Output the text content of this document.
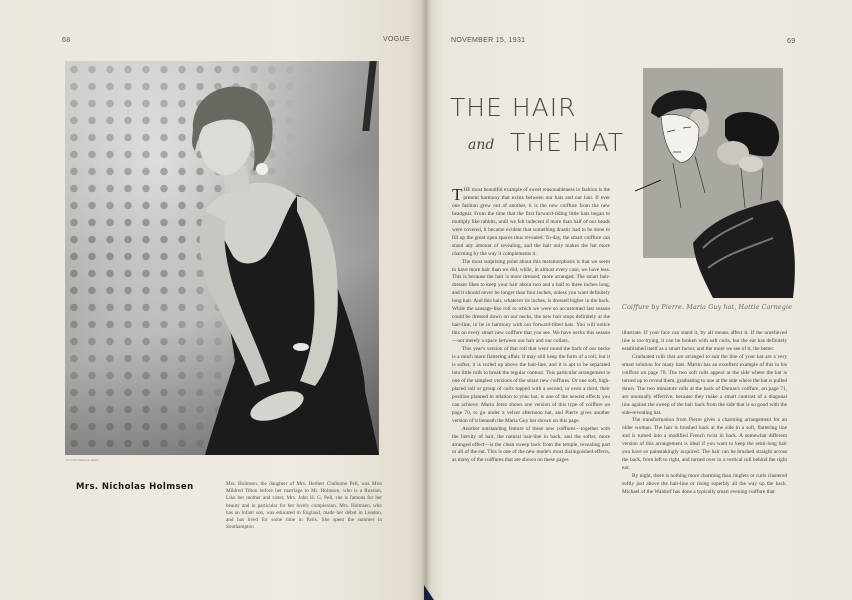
68	VOGUE
HOYNINGEN-HUENE
Mrs. Nicholas Holmsen	Mrs. Holmsen, the daughter of Mrs. Herbert Claiborne Pell, was Miss Mildred Tilton before her marriage to Mr. Holmsen, who is a Russian. Like her mother and sister, Mrs. John H. G. Pell, she is famous for her beauty and in particular for her lovely complexion. Mrs. Holmsen, who has an infant son, was educated in England, made her début in London, and has lived for some time in Paris. She spent the summer in Southampton
NOVEMBER 15, 1931	69
THE HAIR
and THE HAT
Coiffure by Pierre. Maria Guy hat, Hattie Carnegie

THE most beautiful example of sweet reasonableness in fashion is the present harmony that exists between our hats and our hair. If ever one fashion grew out of another, it is the new coiffure from the new headgear. From the time that the first forward-riding little hats began to multiply like rabbits, until we felt indecent if more than half of our heads were covered, it became evident that something drastic had to be done to fill up the great open spaces thus revealed. To-day, the smart coiffure can stand any amount of revealing, and the hair only makes the hat more charming by the way it complements it.

The most surprising point about this metamorphosis is that we seem to have more hair than we did, while, in almost every case, we have less. This is because the hair is more dressed, more arranged. The smart hair-dresser likes to keep your hair about two and a half to three inches long, and it should never be longer than four inches, unless you want definitely long hair. And this hair, whatever its inches, is dressed higher in the back. While the sausage-like roll to which we were so accustomed last season could be dressed down on our necks, the new hair stops definitely at the hair-line, to be in harmony with our forward-tilted hats. You will notice this on every smart new coiffure that you see. We have necks this season—not merely a space between our hair and our collars.

This year's version of that roll that went round the back of our necks is a much more flattering affair. It may still keep the form of a roll, but it is softer, it is curled up above the hair-line, and it is apt to be separated into little rolls to break the regular contour. This particular arrangement is one of the simplest versions of the smart new coiffures. Or one soft, high-placed roll or group of curls topped with a second, or even a third, their position planned in relation to your hat, is one of the newest effects you can achieve. Mario Jerez shows one version of this type of coiffure on page 70, to go under a velvet afternoon hat, and Pierre gives another version of it beneath the Maria Guy hat shown on this page.

Another outstanding feature of these new coiffures—together with the brevity of hair, the natural hair-line in back, and the softer, more arranged effect—is the clean sweep back from the temple, revealing part or all of the ear. This is one of the new mode's most distinguished effects, as many of the coiffures that are shown on these pages

illustrate. If your face can stand it, by all means affect it. If the unrelieved line is too trying, it can be broken with soft curls, but the ear has definitely established itself as a smart factor, and the more we see of it, the better.

Graduated rolls that are arranged to suit the line of your hat are a very smart solution for many hats. Martin has an excellent example of this in his coiffure on page 70. The two soft rolls appear at the side where the hat is turned up to reveal them, graduating to one at the side where the hat is pulled down. The two miniature rolls at the back of Dumas's coiffure, on page 71, are unusually effective, because they make a smart contrast of a diagonal line against the sweep of the hair back from the side that is so good with the side-revealing hat.

The transformation from Pierre gives a charming arrangement for an older woman. The hair is brushed back at the side in a soft, flattering line and is turned into a modified French twist in back. A somewhat different version of this arrangement is ideal if you want to keep the semi-long hair you have so painstakingly acquired. The hair can be brushed straight across the back, from left to right, and turned over in a vertical roll behind the right ear.

By night, there is nothing more charming than ringlets or curls clustered softly just above the hair-line or rising superbly all the way up the back. Michael of the Waldorf has done a typically smart evening coiffure that
